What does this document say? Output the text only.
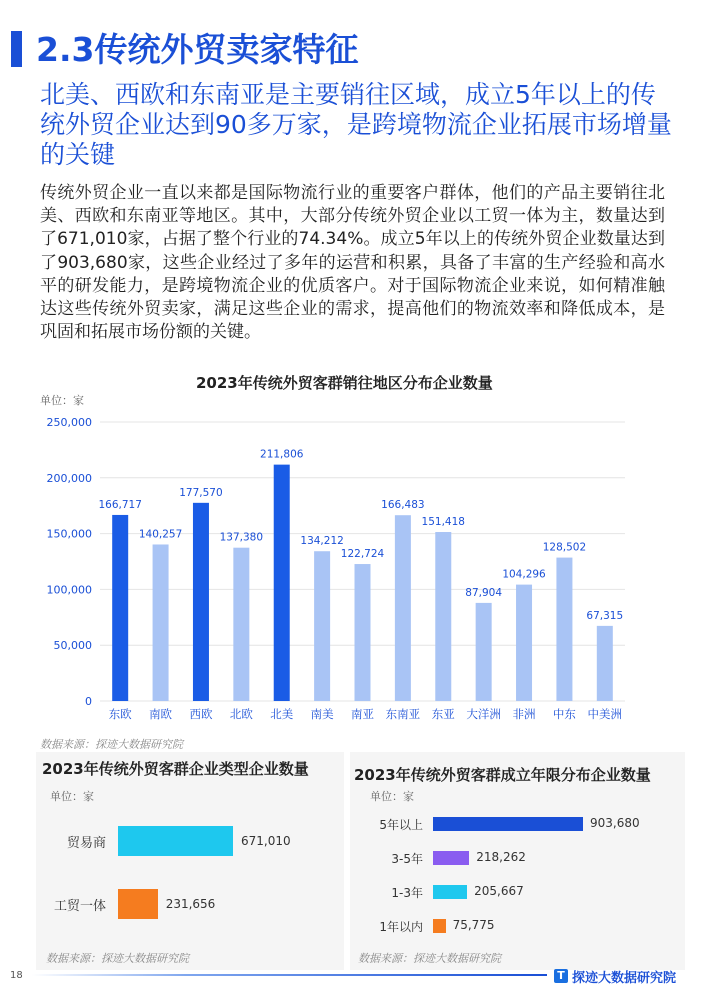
2.3传统外贸卖家特征

北美、西欧和东南亚是主要销往区域，成立5年以上的传统外贸企业达到90多万家，是跨境物流企业拓展市场增量的关键

传统外贸企业一直以来都是国际物流行业的重要客户群体，他们的产品主要销往北美、西欧和东南亚等地区。其中，大部分传统外贸企业以工贸一体为主，数量达到了671,010家，占据了整个行业的74.34%。成立5年以上的传统外贸企业数量达到了903,680家，这些企业经过了多年的运营和积累，具备了丰富的生产经验和高水平的研发能力，是跨境物流企业的优质客户。对于国际物流企业来说，如何精准触达这些传统外贸卖家，满足这些企业的需求，提高他们的物流效率和降低成本，是巩固和拓展市场份额的关键。

2023年传统外贸客群销往地区分布企业数量
单位：家
0
50,000
100,000
150,000
200,000
250,000
166,717
东欧
140,257
南欧
177,570
西欧
137,380
北欧
211,806
北美
134,212
南美
122,724
南亚
166,483
东南亚
151,418
东亚
87,904
大洋洲
104,296
非洲
128,502
中东
67,315
中美洲
数据来源：探迹大数据研究院
2023年传统外贸客群企业类型企业数量
单位：家
贸易商	671,010
工贸一体	231,656
数据来源：探迹大数据研究院
2023年传统外贸客群成立年限分布企业数量
单位：家
5年以上	903,680
3-5年	218,262
1-3年	205,667
1年以内 75,775
数据来源：探迹大数据研究院
18	T 探迹大数据研究院
